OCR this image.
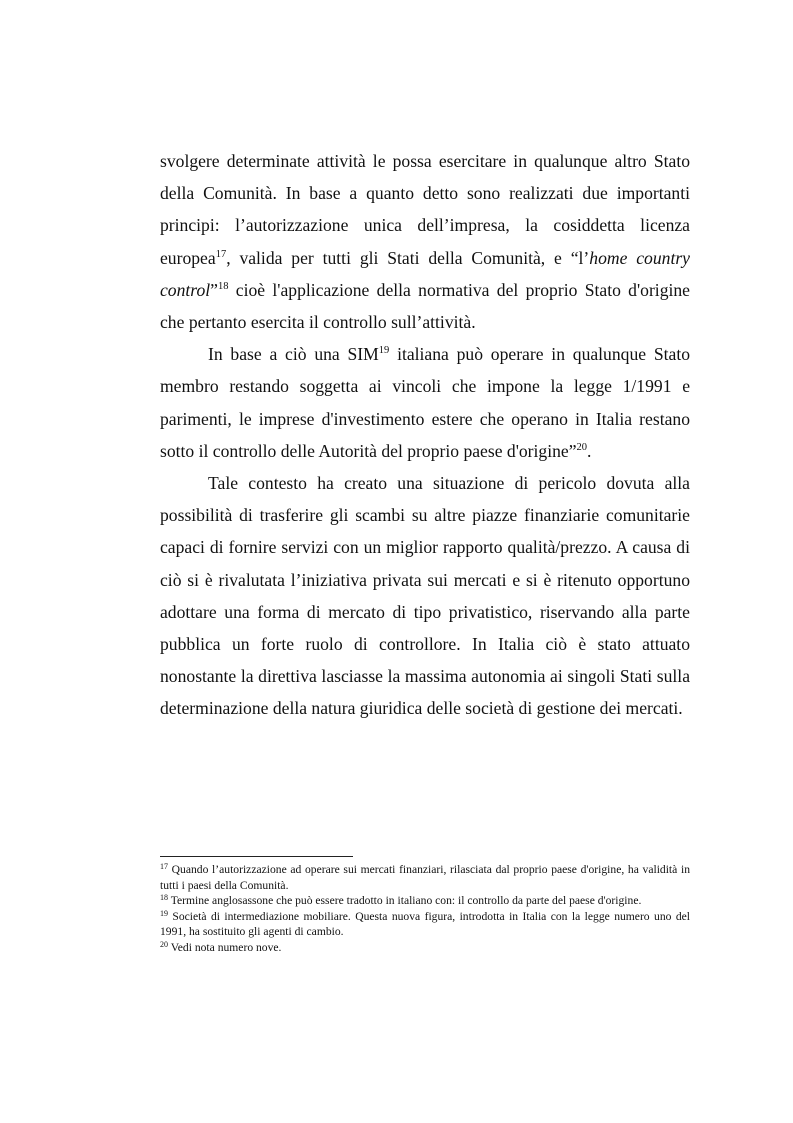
svolgere determinate attività le possa esercitare in qualunque altro Stato della Comunità. In base a quanto detto sono realizzati due importanti principi: l’autorizzazione unica dell’impresa, la cosiddetta licenza europea$^{17}$, valida per tutti gli Stati della Comunità, e “l’home country control”$^{18}$ cioè l'applicazione della normativa del proprio Stato d'origine che pertanto esercita il controllo sull’attività.

In base a ciò una SIM$^{19}$ italiana può operare in qualunque Stato membro restando soggetta ai vincoli che impone la legge 1/1991 e parimenti, le imprese d'investimento estere che operano in Italia restano sotto il controllo delle Autorità del proprio paese d'origine”$^{20}$.

Tale contesto ha creato una situazione di pericolo dovuta alla possibilità di trasferire gli scambi su altre piazze finanziarie comunitarie capaci di fornire servizi con un miglior rapporto qualità/prezzo. A causa di ciò si è rivalutata l’iniziativa privata sui mercati e si è ritenuto opportuno adottare una forma di mercato di tipo privatistico, riservando alla parte pubblica un forte ruolo di controllore. In Italia ciò è stato attuato nonostante la direttiva lasciasse la massima autonomia ai singoli Stati sulla determinazione della natura giuridica delle società di gestione dei mercati.

$^{17}$ Quando l’autorizzazione ad operare sui mercati finanziari, rilasciata dal proprio paese d'origine, ha validità in tutti i paesi della Comunità.

$^{18}$ Termine anglosassone che può essere tradotto in italiano con: il controllo da parte del paese d'origine.

$^{19}$ Società di intermediazione mobiliare. Questa nuova figura, introdotta in Italia con la legge numero uno del 1991, ha sostituito gli agenti di cambio.

$^{20}$ Vedi nota numero nove.
